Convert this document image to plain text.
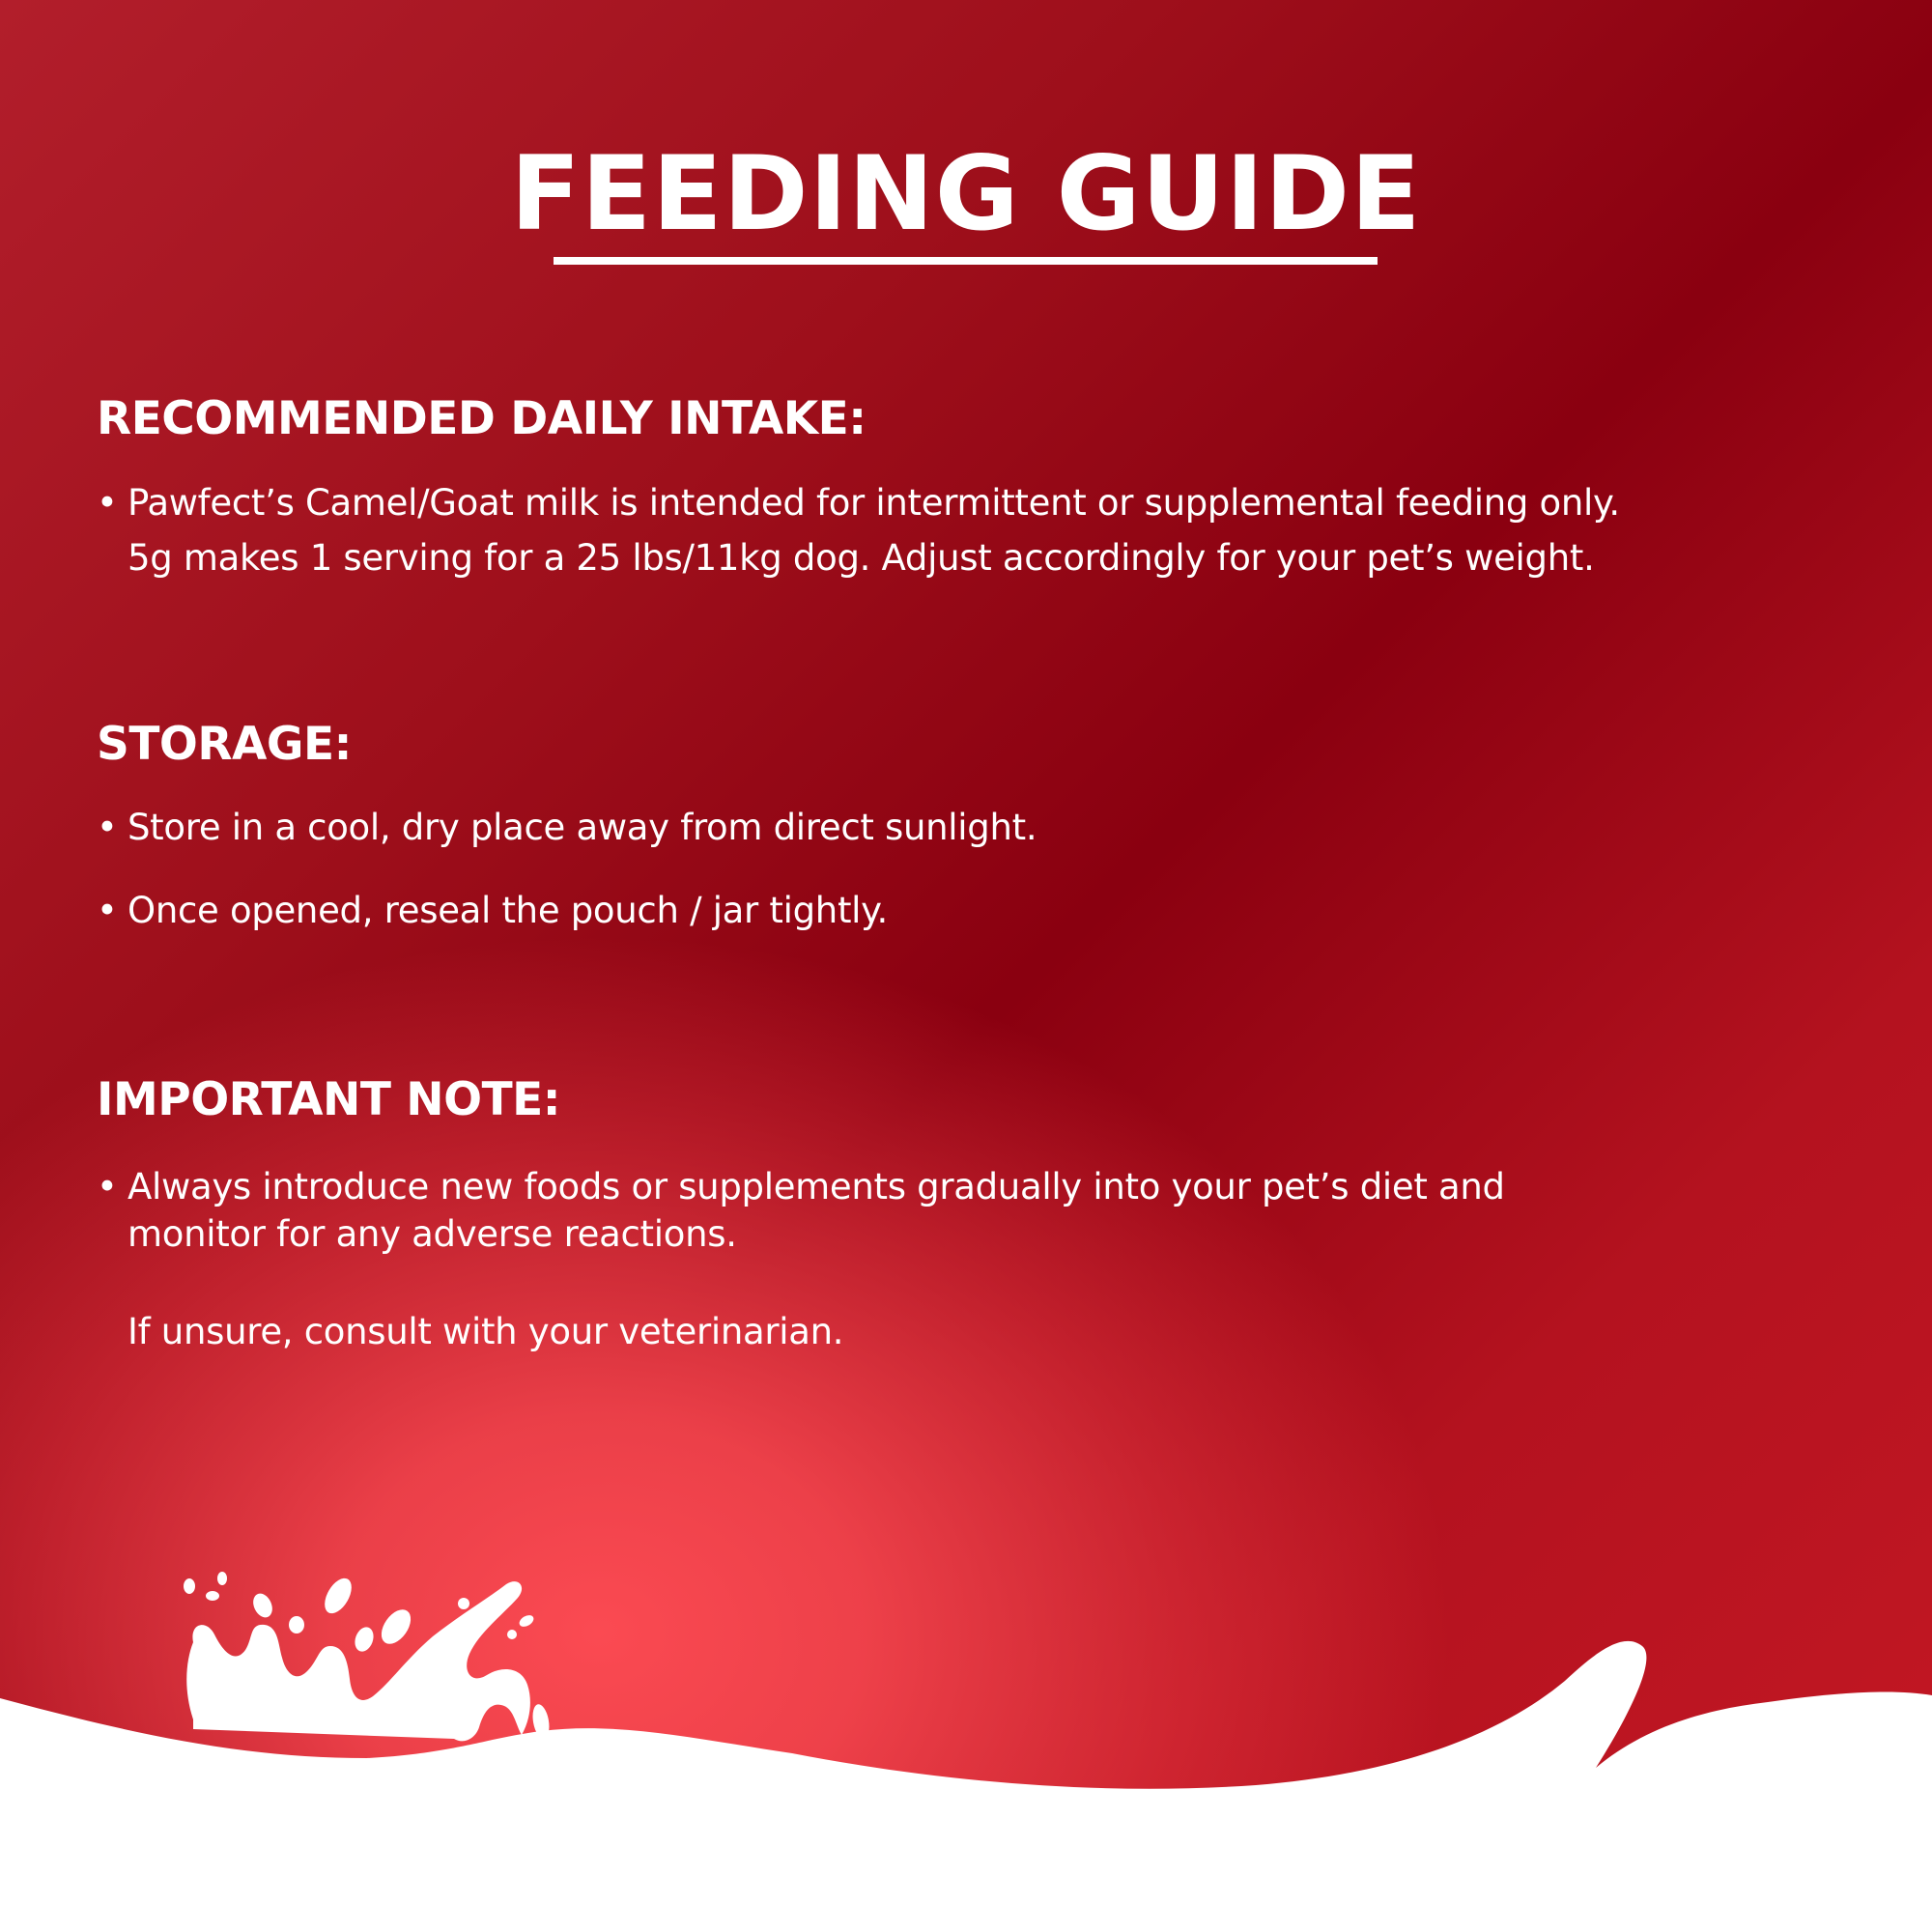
FEEDING GUIDE
RECOMMENDED DAILY INTAKE:
• Pawfect’s Camel/Goat milk is intended for intermittent or supplemental feeding only.
5g makes 1 serving for a 25 lbs/11kg dog. Adjust accordingly for your pet’s weight.
STORAGE:
• Store in a cool, dry place away from direct sunlight.
• Once opened, reseal the pouch / jar tightly.
IMPORTANT NOTE:
• Always introduce new foods or supplements gradually into your pet’s diet and
monitor for any adverse reactions.
If unsure, consult with your veterinarian.
